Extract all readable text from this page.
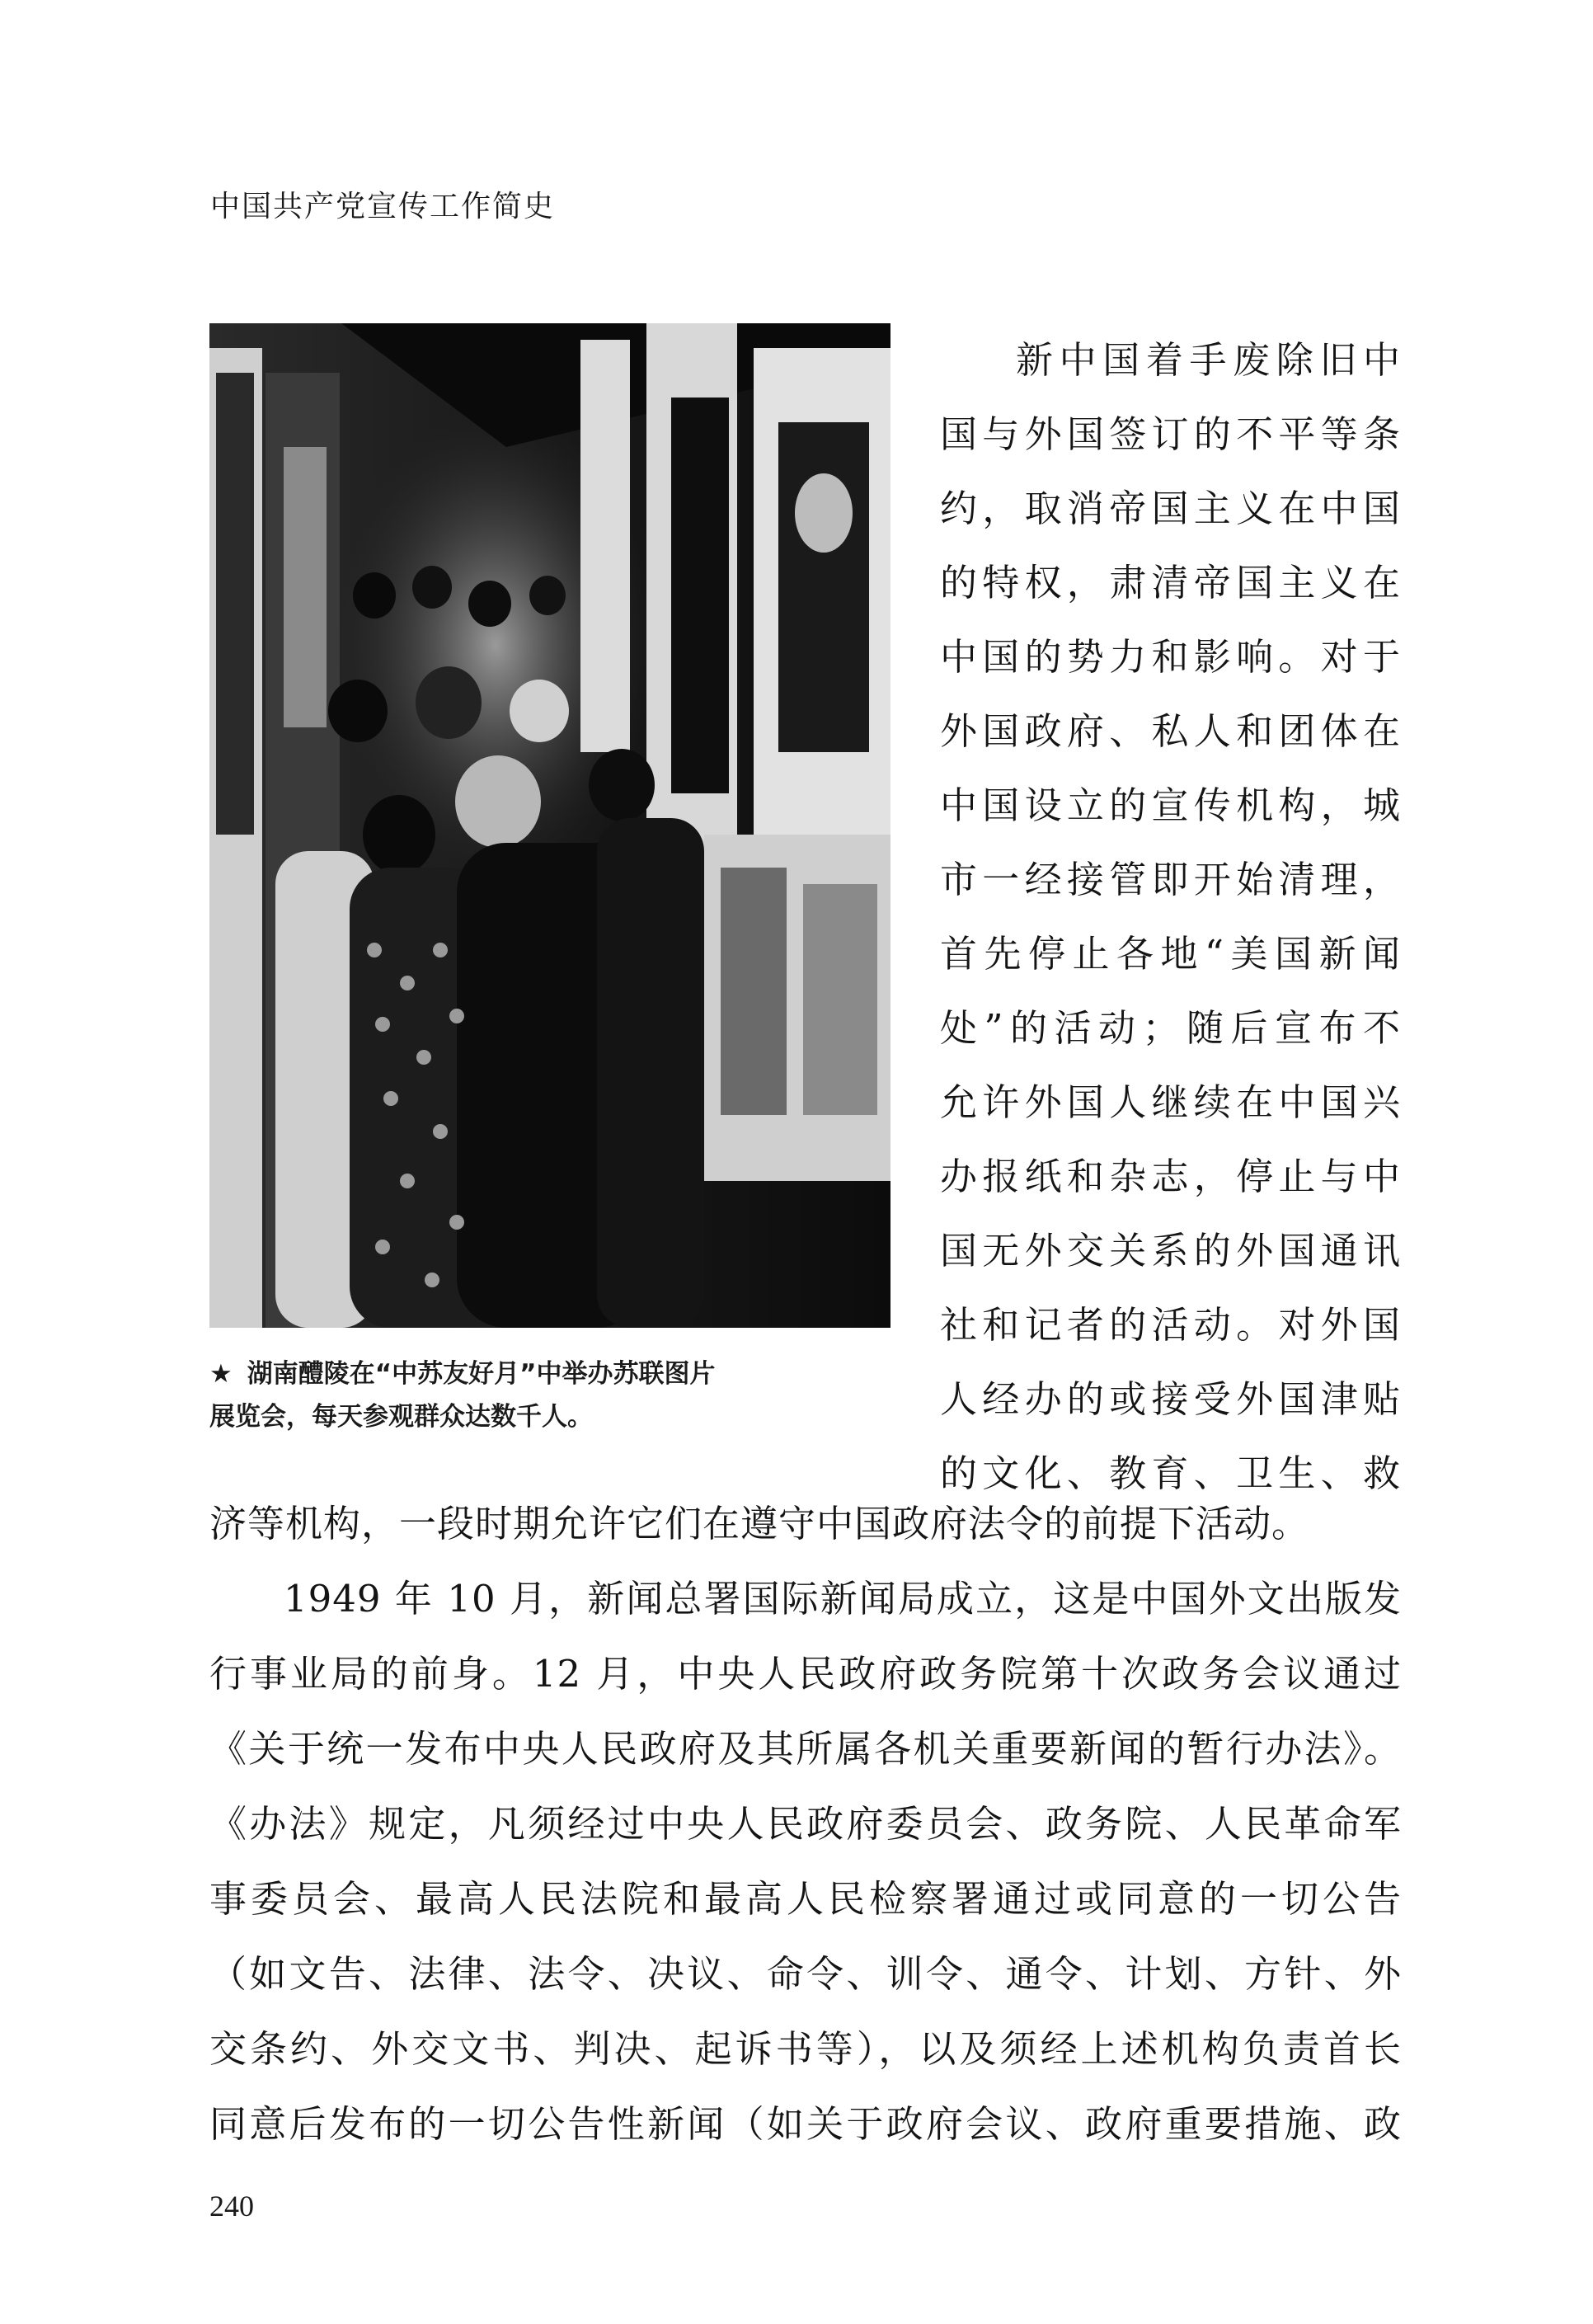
中国共产党宣传工作简史
★ 湖南醴陵在“中苏友好月”中举办苏联图片
展览会，每天参观群众达数千人。
新中国着手废除旧中
国与外国签订的不平等条
约，取消帝国主义在中国
的特权，肃清帝国主义在
中国的势力和影响。对于
外国政府、私人和团体在
中国设立的宣传机构，城
市一经接管即开始清理，
首先停止各地“美国新闻
处”的活动；随后宣布不
允许外国人继续在中国兴
办报纸和杂志，停止与中
国无外交关系的外国通讯
社和记者的活动。对外国
人经办的或接受外国津贴
的文化、教育、卫生、救
济等机构，一段时期允许它们在遵守中国政府法令的前提下活动。
1949 年 10 月，新闻总署国际新闻局成立，这是中国外文出版发
行事业局的前身。12 月，中央人民政府政务院第十次政务会议通过
《关于统一发布中央人民政府及其所属各机关重要新闻的暂行办法》。
《办法》规定，凡须经过中央人民政府委员会、政务院、人民革命军
事委员会、最高人民法院和最高人民检察署通过或同意的一切公告
（如文告、法律、法令、决议、命令、训令、通令、计划、方针、外
交条约、外交文书、判决、起诉书等），以及须经上述机构负责首长
同意后发布的一切公告性新闻（如关于政府会议、政府重要措施、政
240
